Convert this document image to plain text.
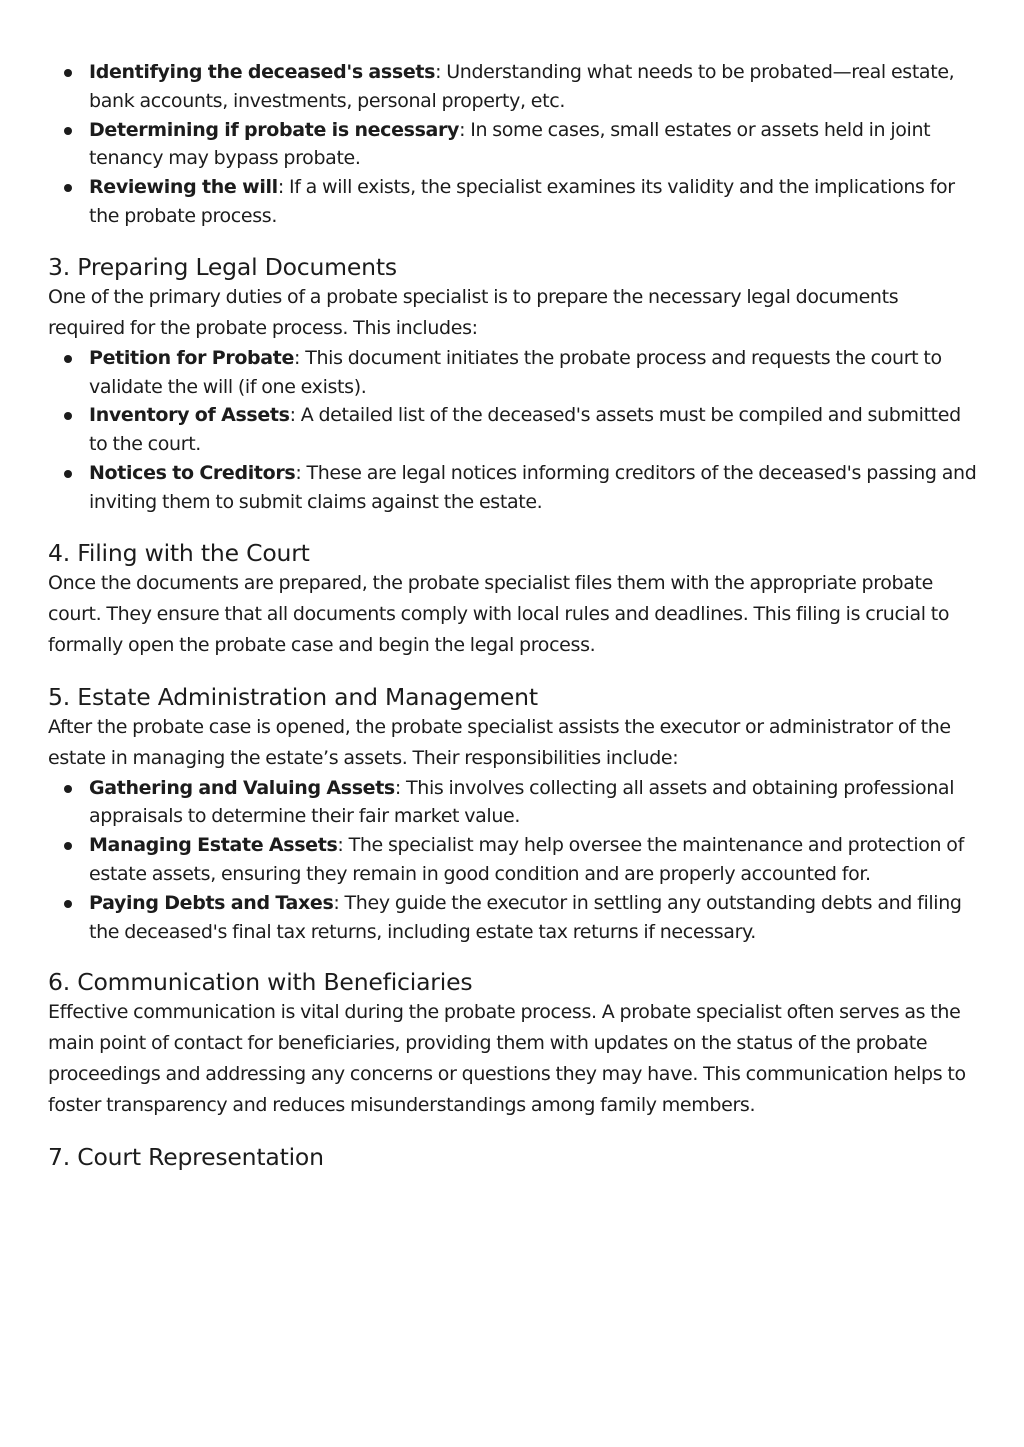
Identifying the deceased's assets: Understanding what needs to be probated—real estate, bank accounts, investments, personal property, etc.
Determining if probate is necessary: In some cases, small estates or assets held in joint tenancy may bypass probate.
Reviewing the will: If a will exists, the specialist examines its validity and the implications for the probate process.
3. Preparing Legal Documents

One of the primary duties of a probate specialist is to prepare the necessary legal documents required for the probate process. This includes:

Petition for Probate: This document initiates the probate process and requests the court to validate the will (if one exists).
Inventory of Assets: A detailed list of the deceased's assets must be compiled and submitted to the court.
Notices to Creditors: These are legal notices informing creditors of the deceased's passing and inviting them to submit claims against the estate.
4. Filing with the Court

Once the documents are prepared, the probate specialist files them with the appropriate probate court. They ensure that all documents comply with local rules and deadlines. This filing is crucial to formally open the probate case and begin the legal process.

5. Estate Administration and Management

After the probate case is opened, the probate specialist assists the executor or administrator of the estate in managing the estate’s assets. Their responsibilities include:

Gathering and Valuing Assets: This involves collecting all assets and obtaining professional appraisals to determine their fair market value.
Managing Estate Assets: The specialist may help oversee the maintenance and protection of estate assets, ensuring they remain in good condition and are properly accounted for.
Paying Debts and Taxes: They guide the executor in settling any outstanding debts and filing the deceased's final tax returns, including estate tax returns if necessary.
6. Communication with Beneficiaries

Effective communication is vital during the probate process. A probate specialist often serves as the main point of contact for beneficiaries, providing them with updates on the status of the probate proceedings and addressing any concerns or questions they may have. This communication helps to foster transparency and reduces misunderstandings among family members.

7. Court Representation
